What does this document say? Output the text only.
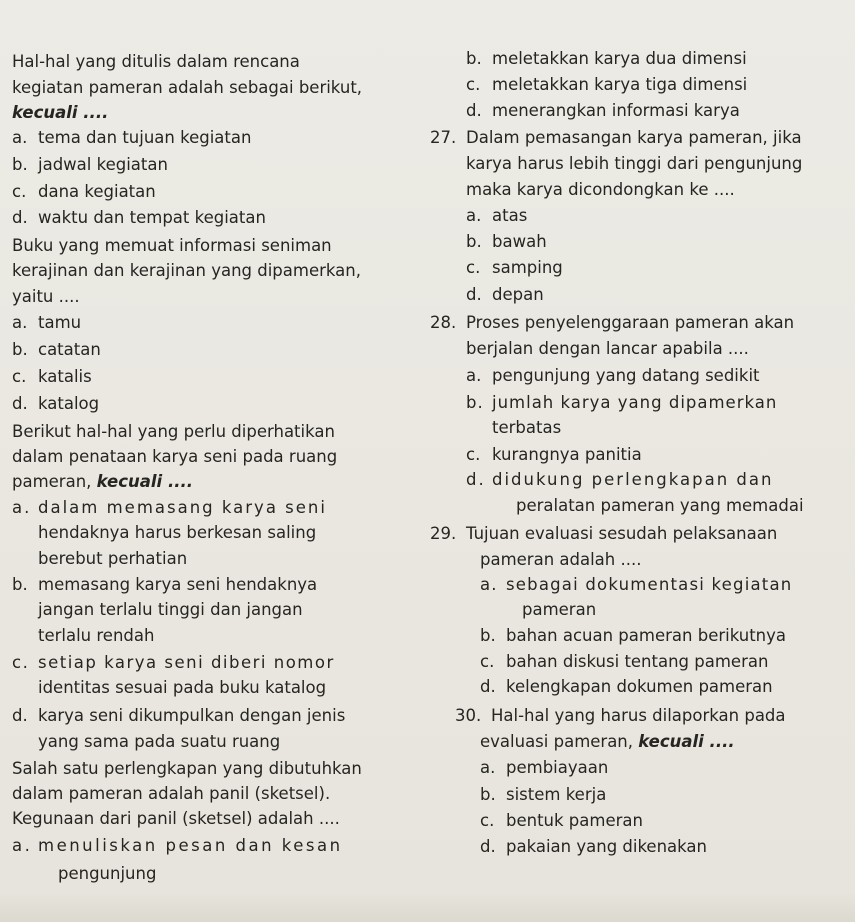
Hal-hal yang ditulis dalam rencana
kegiatan pameran adalah sebagai berikut,
kecuali ....
a. tema dan tujuan kegiatan
b. jadwal kegiatan
c. dana kegiatan
d. waktu dan tempat kegiatan
Buku yang memuat informasi seniman
kerajinan dan kerajinan yang dipamerkan,
yaitu ....
a. tamu
b. catatan
c. katalis
d. katalog
Berikut hal-hal yang perlu diperhatikan
dalam penataan karya seni pada ruang
pameran, kecuali ....
a. dalam memasang karya seni
hendaknya harus berkesan saling
berebut perhatian
b. memasang karya seni hendaknya
jangan terlalu tinggi dan jangan
terlalu rendah
c. setiap karya seni diberi nomor
identitas sesuai pada buku katalog
d. karya seni dikumpulkan dengan jenis
yang sama pada suatu ruang
Salah satu perlengkapan yang dibutuhkan
dalam pameran adalah panil (sketsel).
Kegunaan dari panil (sketsel) adalah ....
a. menuliskan pesan dan kesan
pengunjung
b. meletakkan karya dua dimensi
c. meletakkan karya tiga dimensi
d. menerangkan informasi karya
27. Dalam pemasangan karya pameran, jika
karya harus lebih tinggi dari pengunjung
maka karya dicondongkan ke ....
a. atas
b. bawah
c. samping
d. depan
28. Proses penyelenggaraan pameran akan
berjalan dengan lancar apabila ....
a. pengunjung yang datang sedikit
b. jumlah karya yang dipamerkan
terbatas
c. kurangnya panitia
d. didukung perlengkapan dan
peralatan pameran yang memadai
29. Tujuan evaluasi sesudah pelaksanaan
pameran adalah ....
a. sebagai dokumentasi kegiatan
pameran
b. bahan acuan pameran berikutnya
c. bahan diskusi tentang pameran
d. kelengkapan dokumen pameran
30. Hal-hal yang harus dilaporkan pada
evaluasi pameran, kecuali ....
a. pembiayaan
b. sistem kerja
c. bentuk pameran
d. pakaian yang dikenakan
